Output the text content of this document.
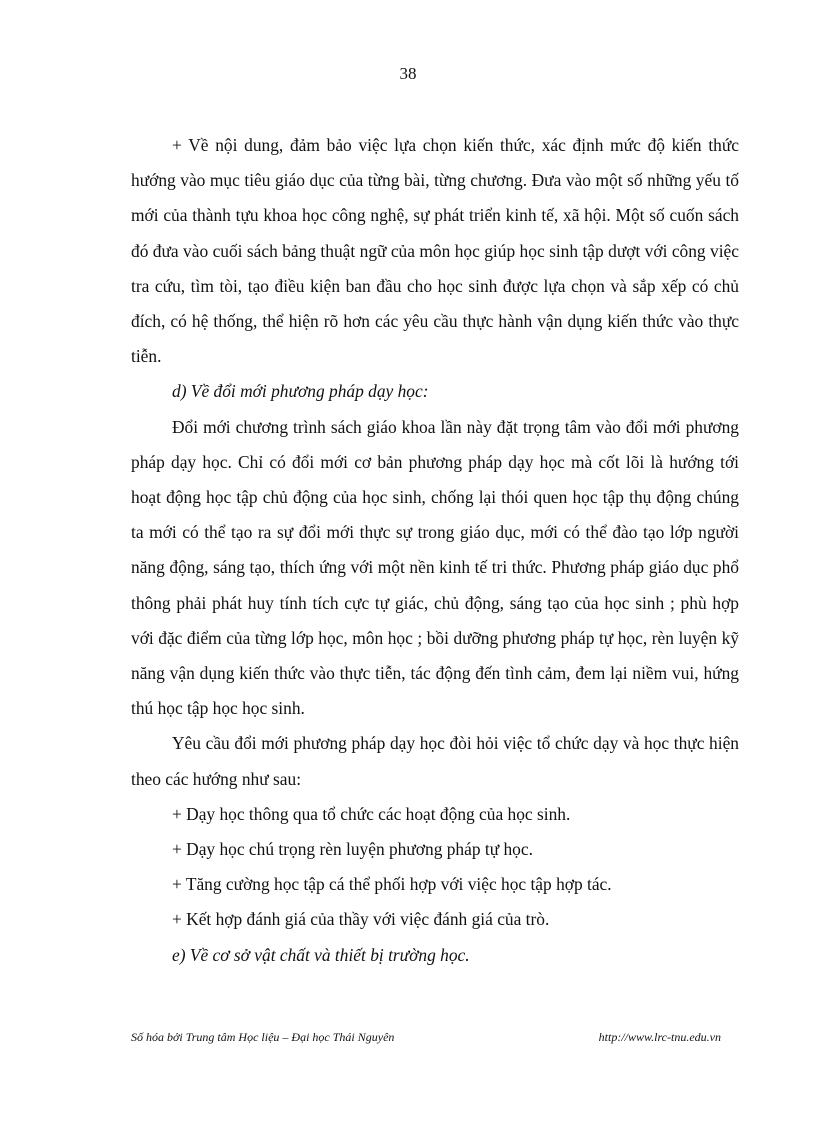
38

+ Về nội dung, đảm bảo việc lựa chọn kiến thức, xác định mức độ kiến thức hướng vào mục tiêu giáo dục của từng bài, từng chương. Đưa vào một số những yếu tố mới của thành tựu khoa học công nghệ, sự phát triển kinh tế, xã hội. Một số cuốn sách đó đưa vào cuối sách bảng thuật ngữ của môn học giúp học sinh tập dượt với công việc tra cứu, tìm tòi, tạo điều kiện ban đầu cho học sinh được lựa chọn và sắp xếp có chủ đích, có hệ thống, thể hiện rõ hơn các yêu cầu thực hành vận dụng kiến thức vào thực tiễn.

d) Về đổi mới phương pháp dạy học:

Đổi mới chương trình sách giáo khoa lần này đặt trọng tâm vào đổi mới phương pháp dạy học. Chỉ có đổi mới cơ bản phương pháp dạy học mà cốt lõi là hướng tới hoạt động học tập chủ động của học sinh, chống lại thói quen học tập thụ động chúng ta mới có thể tạo ra sự đổi mới thực sự trong giáo dục, mới có thể đào tạo lớp người năng động, sáng tạo, thích ứng với một nền kinh tế tri thức. Phương pháp giáo dục phổ thông phải phát huy tính tích cực tự giác, chủ động, sáng tạo của học sinh ; phù hợp với đặc điểm của từng lớp học, môn học ; bồi dưỡng phương pháp tự học, rèn luyện kỹ năng vận dụng kiến thức vào thực tiễn, tác động đến tình cảm, đem lại niềm vui, hứng thú học tập học học sinh.

Yêu cầu đổi mới phương pháp dạy học đòi hỏi việc tổ chức dạy và học thực hiện theo các hướng như sau:

+ Dạy học thông qua tổ chức các hoạt động của học sinh.

+ Dạy học chú trọng rèn luyện phương pháp tự học.

+ Tăng cường học tập cá thể phối hợp với việc học tập hợp tác.

+ Kết hợp đánh giá của thầy với việc đánh giá của trò.

e) Về cơ sở vật chất và thiết bị trường học.

Số hóa bởi Trung tâm Học liệu – Đại học Thái Nguyên	http://www.lrc-tnu.edu.vn
